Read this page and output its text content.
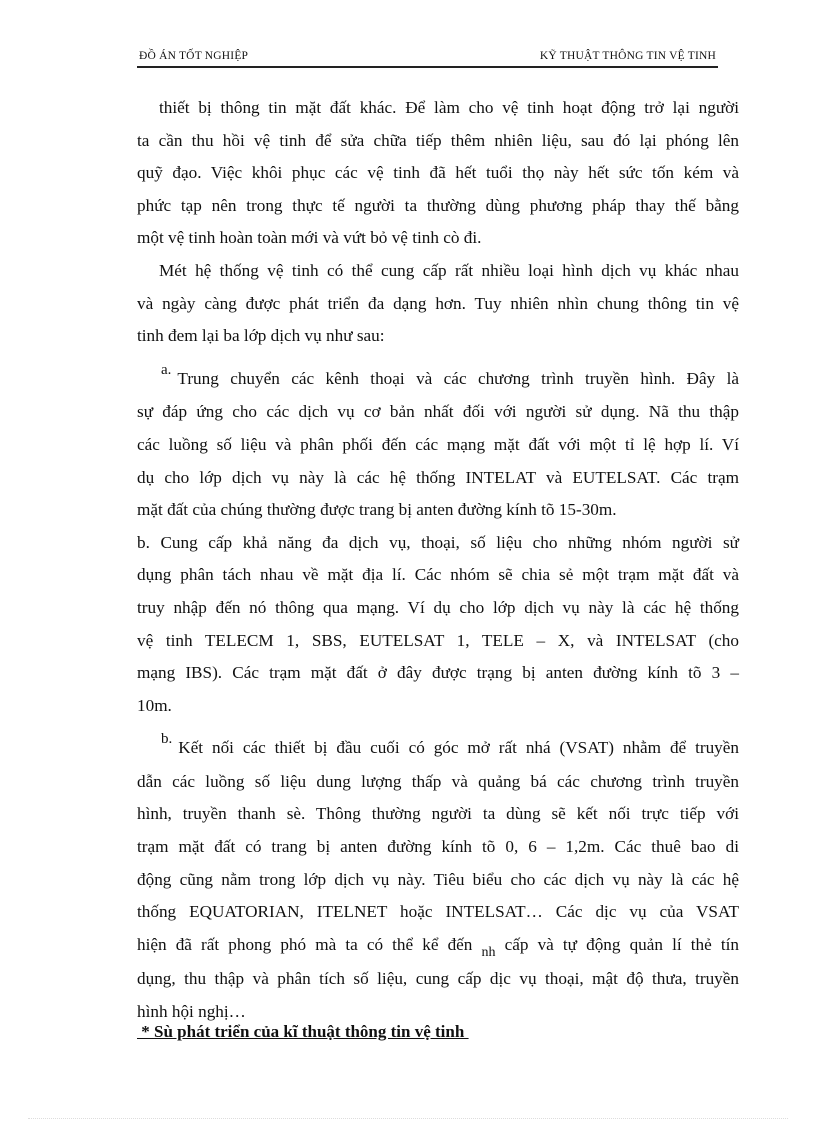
ĐỒ ÁN TỐT NGHIỆP	KỸ THUẬT THÔNG TIN VỆ TINH
thiết bị thông tin mặt đất khác. Để làm cho vệ tinh hoạt động trở lại người
ta cần thu hồi vệ tinh để sửa chữa tiếp thêm nhiên liệu, sau đó lại phóng lên
quỹ đạo. Việc khôi phục các vệ tinh đã hết tuổi thọ này hết sức tốn kém và
phức tạp nên trong thực tế người ta thường dùng phương pháp thay thế bằng
một vệ tinh hoàn toàn mới và vứt bỏ vệ tinh cò đi.
Mét hệ thống vệ tinh có thể cung cấp rất nhiều loại hình dịch vụ khác nhau
và ngày càng được phát triển đa dạng hơn. Tuy nhiên nhìn chung thông tin vệ
tinh đem lại ba lớp dịch vụ như sau:
a. Trung chuyển các kênh thoại và các chương trình truyền hình. Đây là
sự đáp ứng cho các dịch vụ cơ bản nhất đối với người sử dụng. Nã thu thập
các luồng số liệu và phân phối đến các mạng mặt đất với một tỉ lệ hợp lí. Ví
dụ cho lớp dịch vụ này là các hệ thống INTELAT và EUTELSAT. Các trạm
mặt đất của chúng thường được trang bị anten đường kính tõ 15-30m.
b. Cung cấp khả năng đa dịch vụ, thoại, số liệu cho những nhóm người sử
dụng phân tách nhau về mặt địa lí. Các nhóm sẽ chia sẻ một trạm mặt đất và
truy nhập đến nó thông qua mạng. Ví dụ cho lớp dịch vụ này là các hệ thống
vệ tinh TELECM 1, SBS, EUTELSAT 1, TELE – X, và INTELSAT (cho
mạng IBS). Các trạm mặt đất ở đây được trạng bị anten đường kính tõ 3 –
10m.
b. Kết nối các thiết bị đầu cuối có góc mở rất nhá (VSAT) nhằm để truyền
dẫn các luồng số liệu dung lượng thấp và quảng bá các chương trình truyền
hình, truyền thanh sè. Thông thường người ta dùng sẽ kết nối trực tiếp với
trạm mặt đất có trang bị anten đường kính tõ 0, 6 – 1,2m. Các thuê bao di
động cũng nằm trong lớp dịch vụ này. Tiêu biểu cho các dịch vụ này là các hệ
thống EQUATORIAN, ITELNET hoặc INTELSAT… Các dịc vụ của VSAT
hiện đã rất phong phó mà ta có thể kể đến $_{nh}$ cấp và tự động quản lí thẻ tín
dụng, thu thập và phân tích số liệu, cung cấp dịc vụ thoại, mật độ thưa, truyền
hình hội nghị…
* Sù phát triển của kĩ thuật thông tin vệ tinh
